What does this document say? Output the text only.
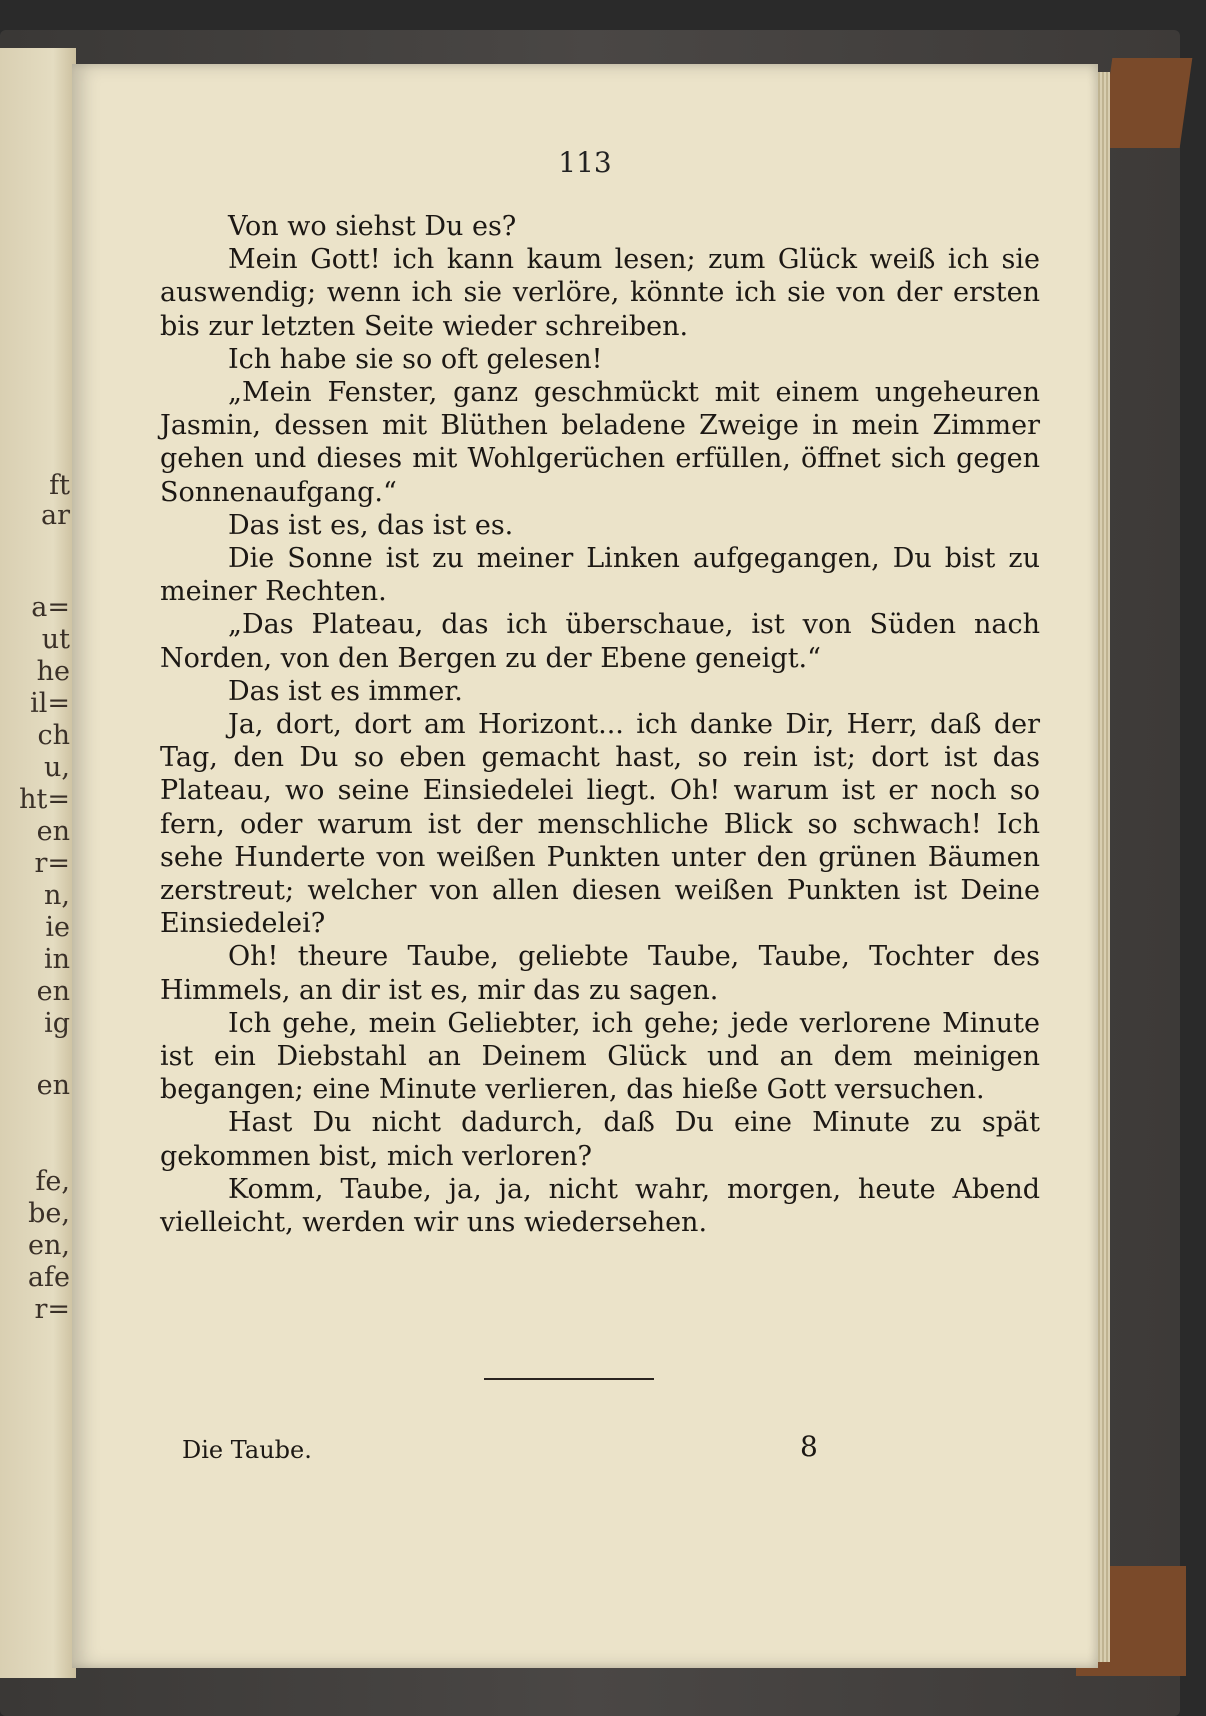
ft
ar
a=
ut
he
il=
ch
u,
ht=
en
r=
n,
ie
in
en
ig
en
fe,
be,
en,
afe
r=
113

Von wo siehst Du es?

Mein Gott! ich kann kaum lesen; zum Glück weiß ich sie auswendig; wenn ich sie verlöre, könnte ich sie von der ersten bis zur letzten Seite wieder schreiben.

Ich habe sie so oft gelesen!

„Mein Fenster, ganz geschmückt mit einem ungeheuren Jasmin, dessen mit Blüthen beladene Zweige in mein Zimmer gehen und dieses mit Wohlgerüchen erfüllen, öffnet sich gegen Sonnenaufgang.“

Das ist es, das ist es.

Die Sonne ist zu meiner Linken aufgegangen, Du bist zu meiner Rechten.

„Das Plateau, das ich überschaue, ist von Süden nach Norden, von den Bergen zu der Ebene geneigt.“

Das ist es immer.

Ja, dort, dort am Horizont... ich danke Dir, Herr, daß der Tag, den Du so eben gemacht hast, so rein ist; dort ist das Plateau, wo seine Einsiedelei liegt. Oh! warum ist er noch so fern, oder warum ist der menschliche Blick so schwach! Ich sehe Hunderte von weißen Punkten unter den grünen Bäumen zerstreut; welcher von allen diesen weißen Punkten ist Deine Einsiedelei?

Oh! theure Taube, geliebte Taube, Taube, Tochter des Himmels, an dir ist es, mir das zu sagen.

Ich gehe, mein Geliebter, ich gehe; jede verlorene Minute ist ein Diebstahl an Deinem Glück und an dem meinigen begangen; eine Minute verlieren, das hieße Gott versuchen.

Hast Du nicht dadurch, daß Du eine Minute zu spät gekommen bist, mich verloren?

Komm, Taube, ja, ja, nicht wahr, morgen, heute Abend vielleicht, werden wir uns wiedersehen.

Die Taube.	8
